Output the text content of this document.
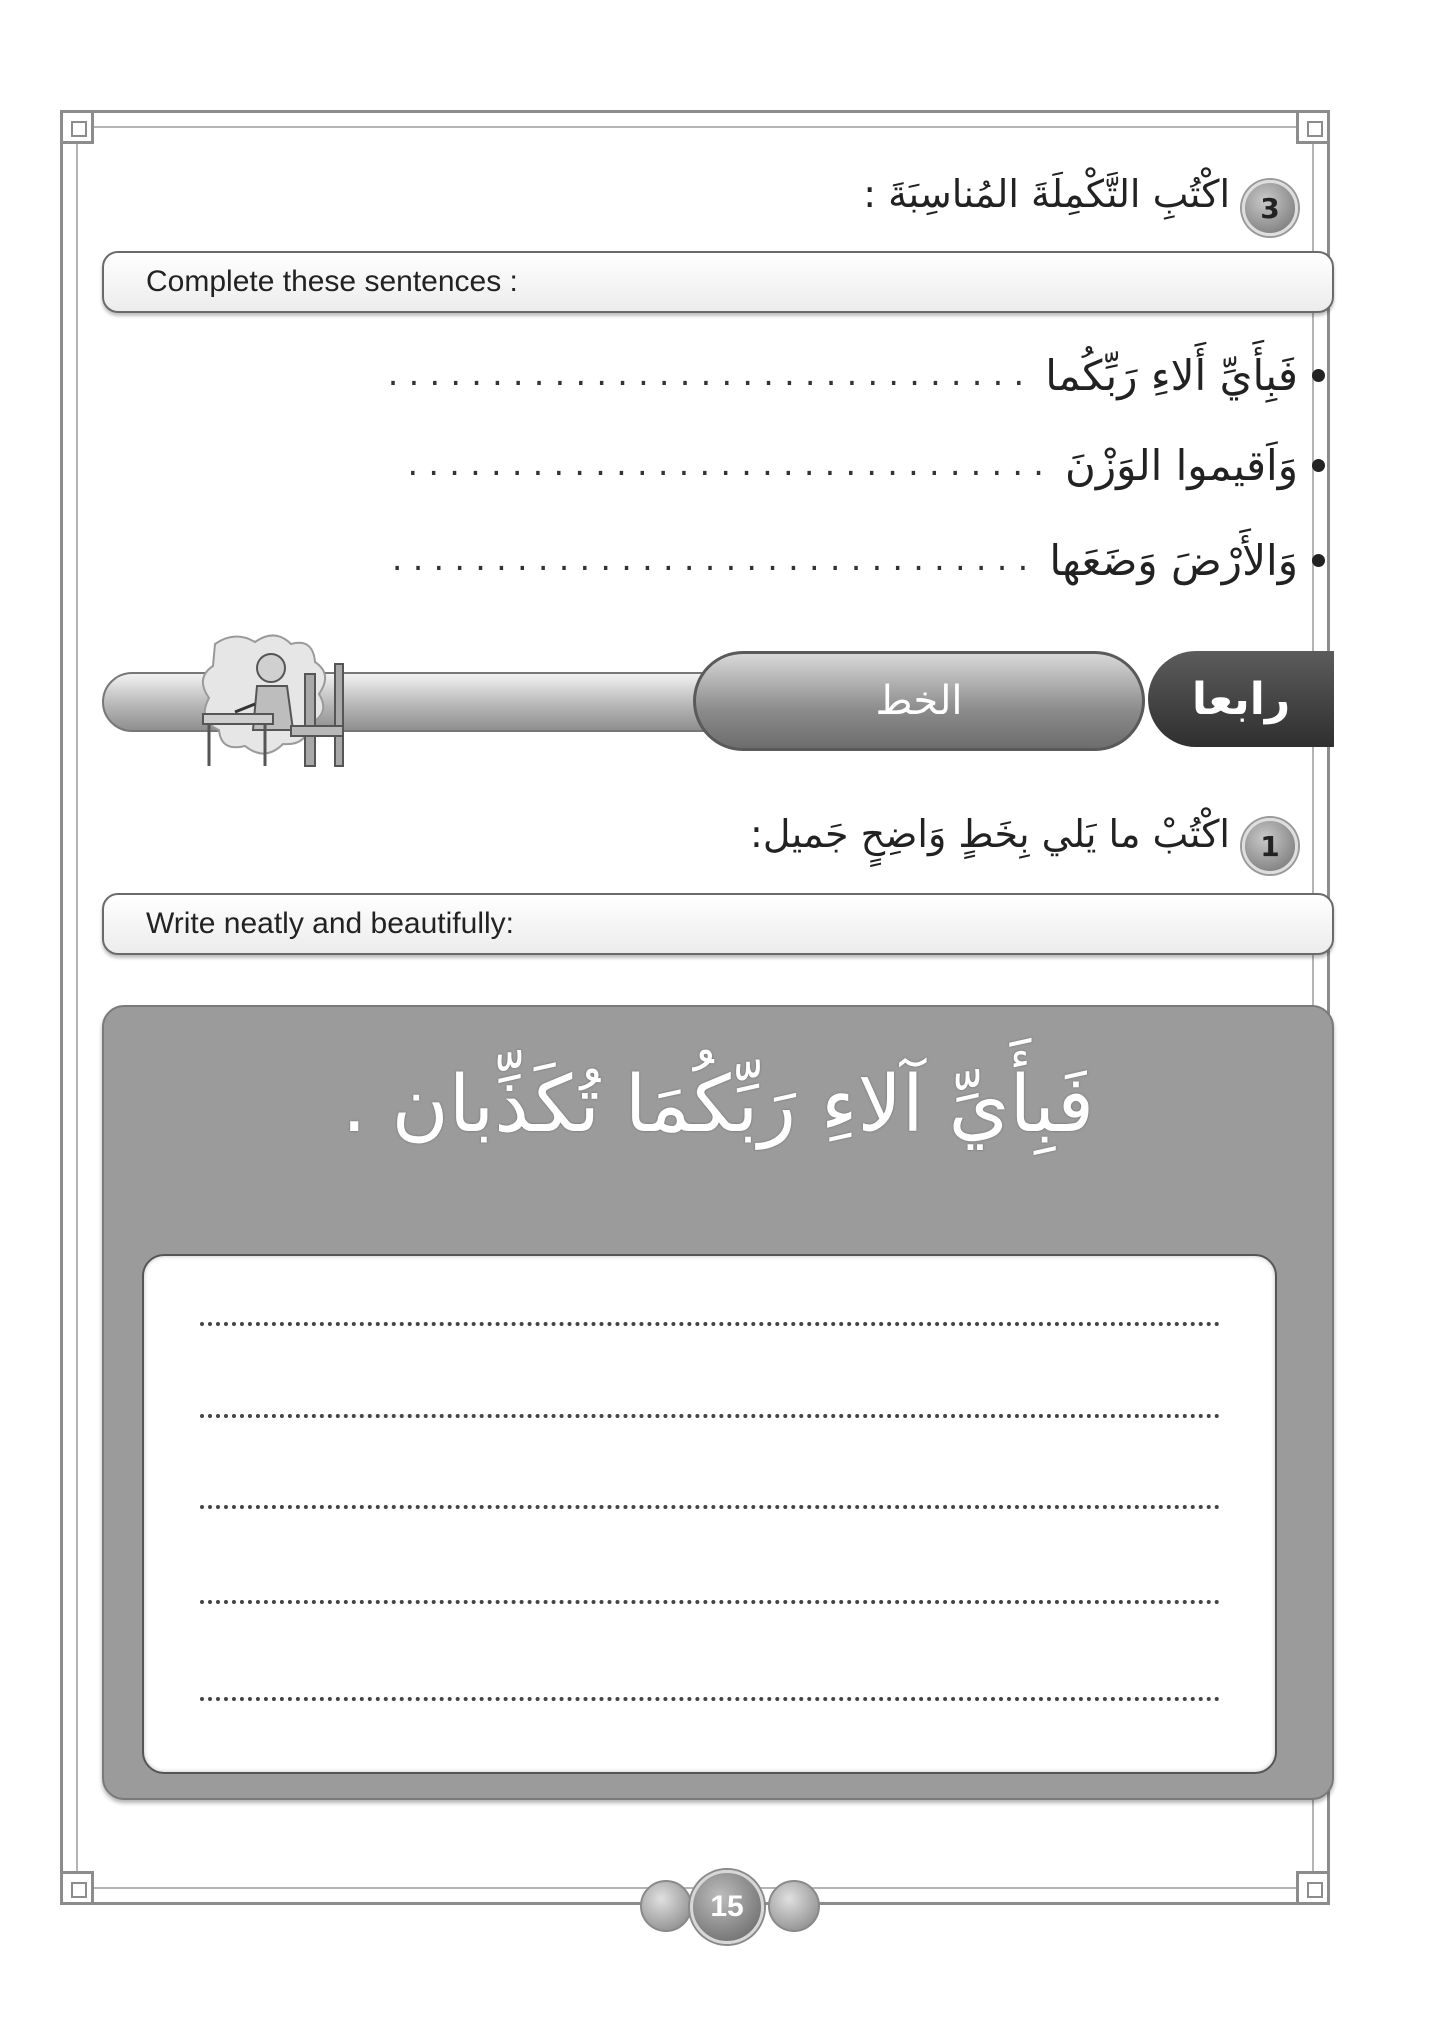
3
اكْتُبِ التَّكْمِلَةَ المُناسِبَةَ :
Complete these sentences :
فَبِأَيِّ أَلاءِ رَبِّكُما
...............................
وَاَقيموا الوَزْنَ
...............................
وَالأَرْضَ وَضَعَها
...............................
الخط	رابعا
1
اكْتُبْ ما يَلي بِخَطٍ وَاضِحٍ جَميل:
Write neatly and beautifully:
فَبِأَيِّ آلاءِ رَبِّكُمَا تُكَذِّبان .
15
